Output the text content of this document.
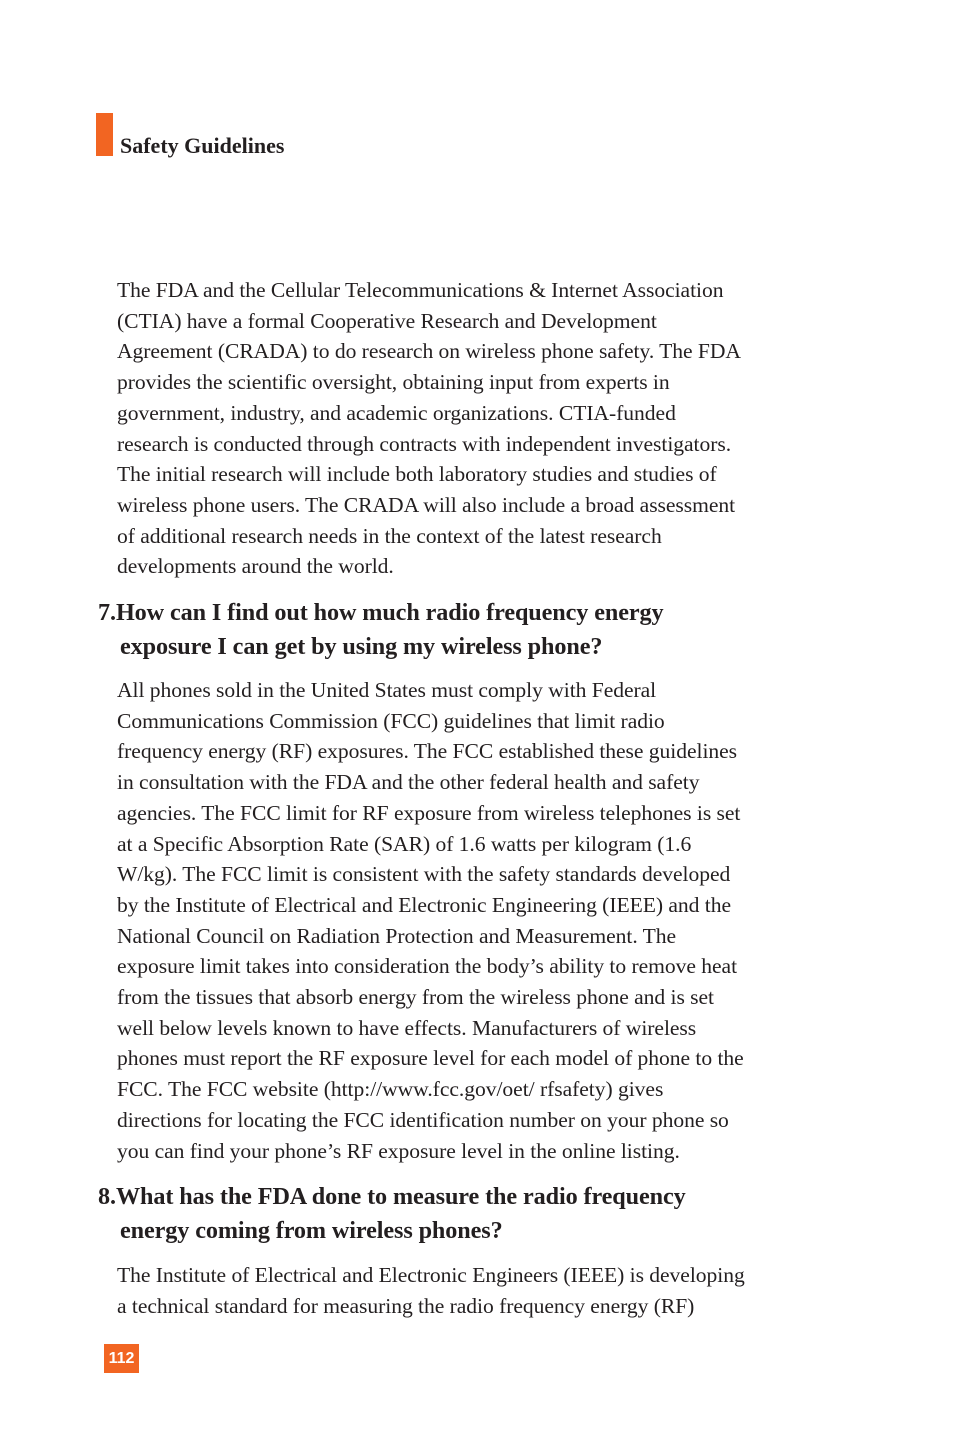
Safety Guidelines
The FDA and the Cellular Telecommunications & Internet Association
(CTIA) have a formal Cooperative Research and Development
Agreement (CRADA) to do research on wireless phone safety. The FDA
provides the scientific oversight, obtaining input from experts in
government, industry, and academic organizations. CTIA-funded
research is conducted through contracts with independent investigators.
The initial research will include both laboratory studies and studies of
wireless phone users. The CRADA will also include a broad assessment
of additional research needs in the context of the latest research
developments around the world.
7.How can I find out how much radio frequency energy
exposure I can get by using my wireless phone?
All phones sold in the United States must comply with Federal
Communications Commission (FCC) guidelines that limit radio
frequency energy (RF) exposures. The FCC established these guidelines
in consultation with the FDA and the other federal health and safety
agencies. The FCC limit for RF exposure from wireless telephones is set
at a Specific Absorption Rate (SAR) of 1.6 watts per kilogram (1.6
W/kg). The FCC limit is consistent with the safety standards developed
by the Institute of Electrical and Electronic Engineering (IEEE) and the
National Council on Radiation Protection and Measurement. The
exposure limit takes into consideration the body’s ability to remove heat
from the tissues that absorb energy from the wireless phone and is set
well below levels known to have effects. Manufacturers of wireless
phones must report the RF exposure level for each model of phone to the
FCC. The FCC website (http://www.fcc.gov/oet/ rfsafety) gives
directions for locating the FCC identification number on your phone so
you can find your phone’s RF exposure level in the online listing.
8.What has the FDA done to measure the radio frequency
energy coming from wireless phones?
The Institute of Electrical and Electronic Engineers (IEEE) is developing
a technical standard for measuring the radio frequency energy (RF)
112
